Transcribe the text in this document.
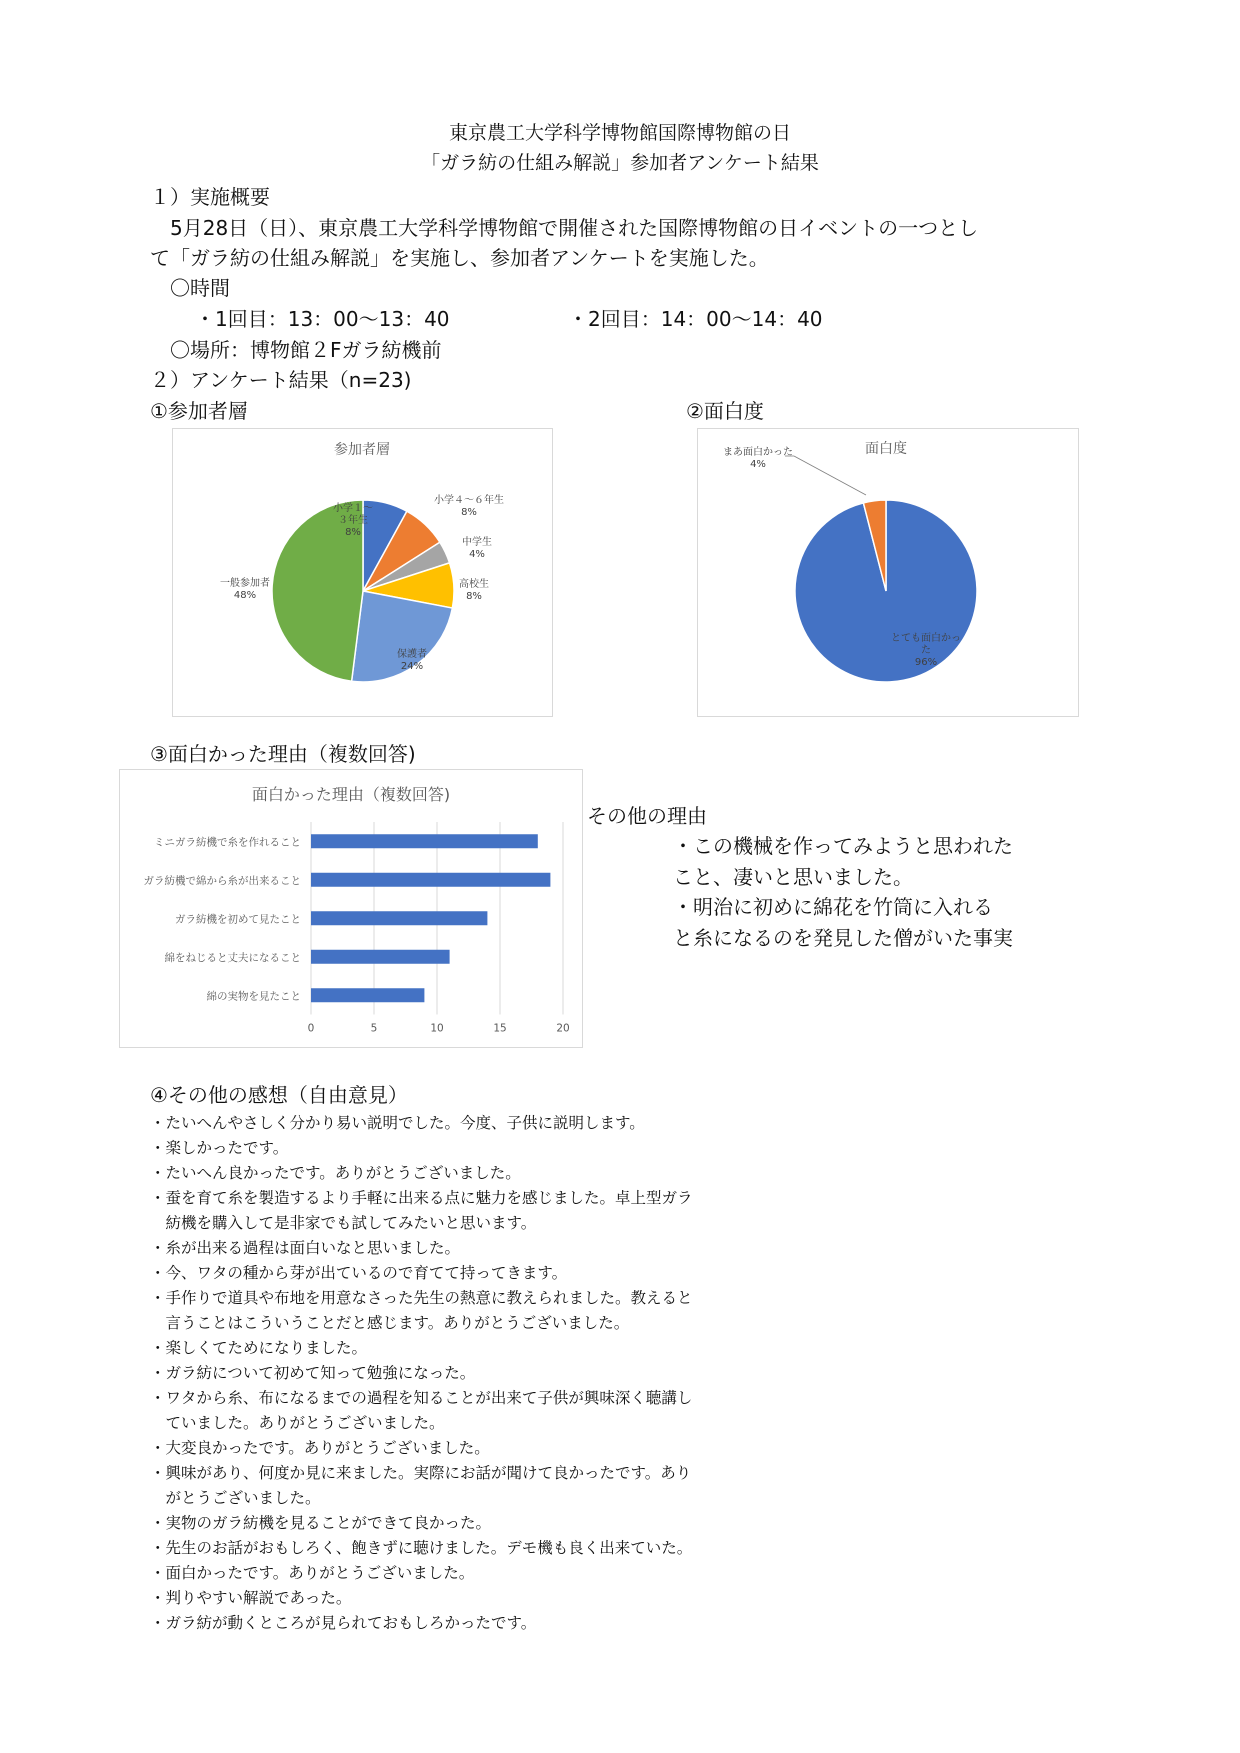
東京農工大学科学博物館国際博物館の日
「ガラ紡の仕組み解説」参加者アンケート結果
１）実施概要
5月28日（日）、東京農工大学科学博物館で開催された国際博物館の日イベントの一つとし
て「ガラ紡の仕組み解説」を実施し、参加者アンケートを実施した。
〇時間
・1回目：13：00〜13：40	・2回目：14：00〜14：40
〇場所：博物館２Fガラ紡機前
２）アンケート結果（n=23)
①参加者層	②面白度
参加者層
小学１〜３年生 8%
小学４〜６年生 8%
中学生 4%
高校生 8%
保護者 24%
一般参加者 48%
面白度
とても面白かった 96%
まあ面白かった 4%
③面白かった理由（複数回答)
面白かった理由（複数回答)
ミニガラ紡機で糸を作れること
ガラ紡機で綿から糸が出来ること
ガラ紡機を初めて見たこと
綿をねじると丈夫になること
綿の実物を見たこと
0	5	10	15	20
その他の理由
・この機械を作ってみようと思われた
こと、凄いと思いました。
・明治に初めに綿花を竹筒に入れる
と糸になるのを発見した僧がいた事実
④その他の感想（自由意見）
・たいへんやさしく分かり易い説明でした。今度、子供に説明します。
・楽しかったです。
・たいへん良かったです。ありがとうございました。
・蚕を育て糸を製造するより手軽に出来る点に魅力を感じました。卓上型ガラ
　紡機を購入して是非家でも試してみたいと思います。
・糸が出来る過程は面白いなと思いました。
・今、ワタの種から芽が出ているので育てて持ってきます。
・手作りで道具や布地を用意なさった先生の熱意に教えられました。教えると
　言うことはこういうことだと感じます。ありがとうございました。
・楽しくてためになりました。
・ガラ紡について初めて知って勉強になった。
・ワタから糸、布になるまでの過程を知ることが出来て子供が興味深く聴講し
　ていました。ありがとうございました。
・大変良かったです。ありがとうございました。
・興味があり、何度か見に来ました。実際にお話が聞けて良かったです。あり
　がとうございました。
・実物のガラ紡機を見ることができて良かった。
・先生のお話がおもしろく、飽きずに聴けました。デモ機も良く出来ていた。
・面白かったです。ありがとうございました。
・判りやすい解説であった。
・ガラ紡が動くところが見られておもしろかったです。
